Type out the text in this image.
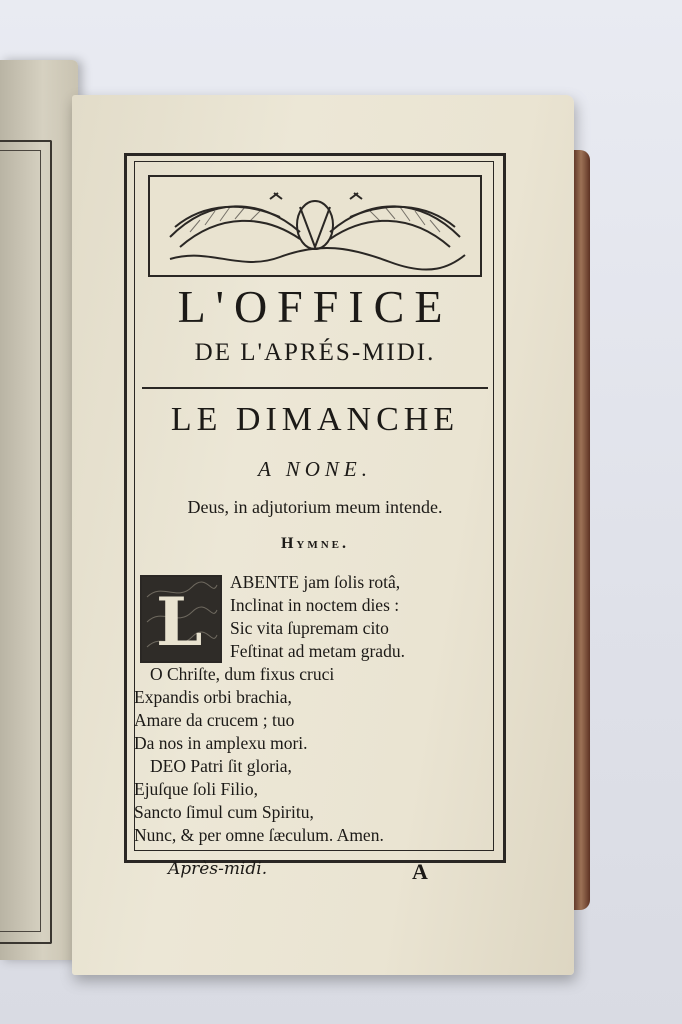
L'OFFICE
DE L'APRÉS-MIDI.
LE DIMANCHE
A NONE.
Deus, in adjutorium meum intende.
Hymne.
L
ABENTE jam ſolis rotâ,
Inclinat in noctem dies :
Sic vita ſupremam cito
Feſtinat ad metam gradu.
O Chriſte, dum fixus cruci
Expandis orbi brachia,
Amare da crucem ; tuo
Da nos in amplexu mori.
DEO Patri ſit gloria,
Ejuſque ſoli Filio,
Sancto ſimul cum Spiritu,
Nunc, & per omne ſæculum. Amen.
Après-midi.	A
